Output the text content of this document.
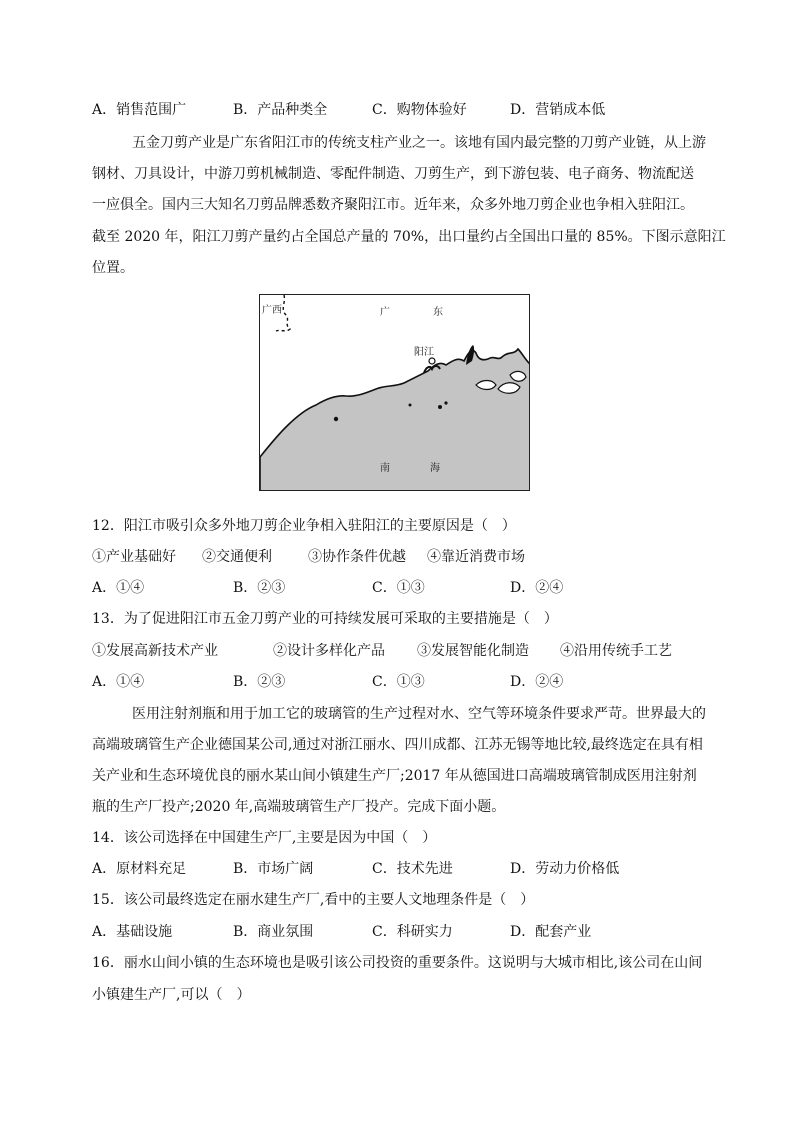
A．销售范围广	B．产品种类全	C．购物体验好	D．营销成本低
五金刀剪产业是广东省阳江市的传统支柱产业之一。该地有国内最完整的刀剪产业链，从上游
钢材、刀具设计，中游刀剪机械制造、零配件制造、刀剪生产，到下游包装、电子商务、物流配送
一应俱全。国内三大知名刀剪品牌悉数齐聚阳江市。近年来，众多外地刀剪企业也争相入驻阳江。
截至 2020 年，阳江刀剪产量约占全国总产量的 70%，出口量约占全国出口量的 85%。下图示意阳江
位置。
广西	广	东
阳江
南	海
12．阳江市吸引众多外地刀剪企业争相入驻阳江的主要原因是（　）
①产业基础好 ②交通便利	③协作条件优越 ④靠近消费市场
A．①④	B．②③	C．①③	D．②④
13．为了促进阳江市五金刀剪产业的可持续发展可采取的主要措施是（　）
①发展高新技术产业	②设计多样化产品 ③发展智能化制造 ④沿用传统手工艺
A．①④	B．②③	C．①③	D．②④
医用注射剂瓶和用于加工它的玻璃管的生产过程对水、空气等环境条件要求严苛。世界最大的
高端玻璃管生产企业德国某公司,通过对浙江丽水、四川成都、江苏无锡等地比较,最终选定在具有相
关产业和生态环境优良的丽水某山间小镇建生产厂;2017 年从德国进口高端玻璃管制成医用注射剂
瓶的生产厂投产;2020 年,高端玻璃管生产厂投产。完成下面小题。
14．该公司选择在中国建生产厂,主要是因为中国（　）
A．原材料充足	B．市场广阔	C．技术先进	D．劳动力价格低
15．该公司最终选定在丽水建生产厂,看中的主要人文地理条件是（　）
A．基础设施	B．商业氛围	C．科研实力	D．配套产业
16．丽水山间小镇的生态环境也是吸引该公司投资的重要条件。这说明与大城市相比,该公司在山间
小镇建生产厂,可以（　）
